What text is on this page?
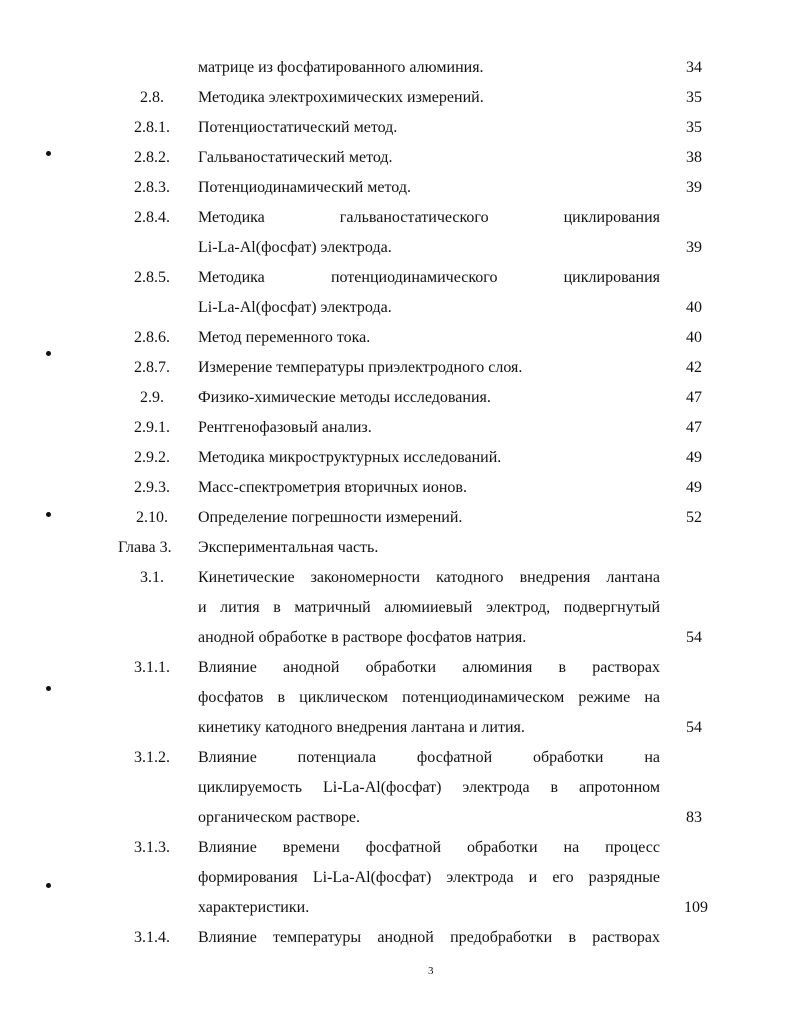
матрице из фосфатированного алюминия.	34
2.8.	Методика электрохимических измерений.	35
2.8.1.	Потенциостатический метод.	35
2.8.2.	Гальваностатический метод.	38
2.8.3.	Потенциодинамический метод.	39
2.8.4.	Методика гальваностатического циклирования
Li-La-Al(фосфат) электрода.	39
2.8.5.	Методика потенциодинамического циклирования
Li-La-Al(фосфат) электрода.	40
2.8.6.	Метод переменного тока.	40
2.8.7.	Измерение температуры приэлектродного слоя.	42
2.9.	Физико-химические методы исследования.	47
2.9.1.	Рентгенофазовый анализ.	47
2.9.2.	Методика микроструктурных исследований.	49
2.9.3.	Масс-спектрометрия вторичных ионов.	49
2.10.	Определение погрешности измерений.	52
Глава 3.	Экспериментальная часть.
3.1.	Кинетические закономерности катодного внедрения лантана
и лития в матричный алюмииевый электрод, подвергнутый
анодной обработке в растворе фосфатов натрия.	54
3.1.1.	Влияние анодной обработки алюминия в растворах
фосфатов в циклическом потенциодинамическом режиме на
кинетику катодного внедрения лантана и лития.	54
3.1.2.	Влияние потенциала фосфатной обработки на
циклируемость Li-La-Al(фосфат) электрода в апротонном
органическом растворе.	83
3.1.3.	Влияние времени фосфатной обработки на процесс
формирования Li-La-Al(фосфат) электрода и его разрядные
характеристики.	109
3.1.4.	Влияние температуры анодной предобработки в растворах
3
